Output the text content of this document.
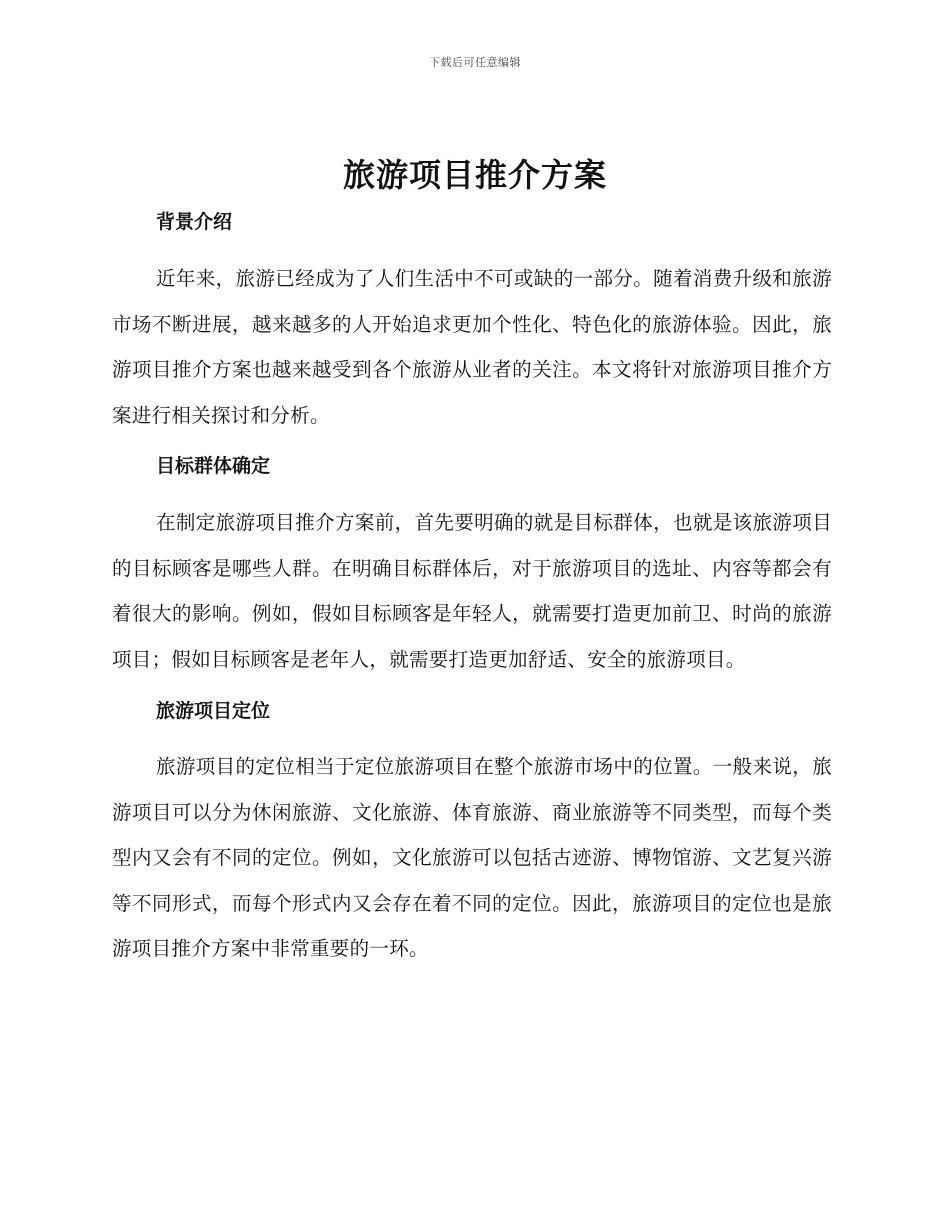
下载后可任意编辑
旅游项目推介方案
背景介绍

近年来，旅游已经成为了人们生活中不可或缺的一部分。随着消费升级和旅游市场不断进展，越来越多的人开始追求更加个性化、特色化的旅游体验。因此，旅游项目推介方案也越来越受到各个旅游从业者的关注。本文将针对旅游项目推介方案进行相关探讨和分析。

目标群体确定

在制定旅游项目推介方案前，首先要明确的就是目标群体，也就是该旅游项目的目标顾客是哪些人群。在明确目标群体后，对于旅游项目的选址、内容等都会有着很大的影响。例如，假如目标顾客是年轻人，就需要打造更加前卫、时尚的旅游项目；假如目标顾客是老年人，就需要打造更加舒适、安全的旅游项目。

旅游项目定位

旅游项目的定位相当于定位旅游项目在整个旅游市场中的位置。一般来说，旅游项目可以分为休闲旅游、文化旅游、体育旅游、商业旅游等不同类型，而每个类型内又会有不同的定位。例如，文化旅游可以包括古迹游、博物馆游、文艺复兴游等不同形式，而每个形式内又会存在着不同的定位。因此，旅游项目的定位也是旅游项目推介方案中非常重要的一环。
